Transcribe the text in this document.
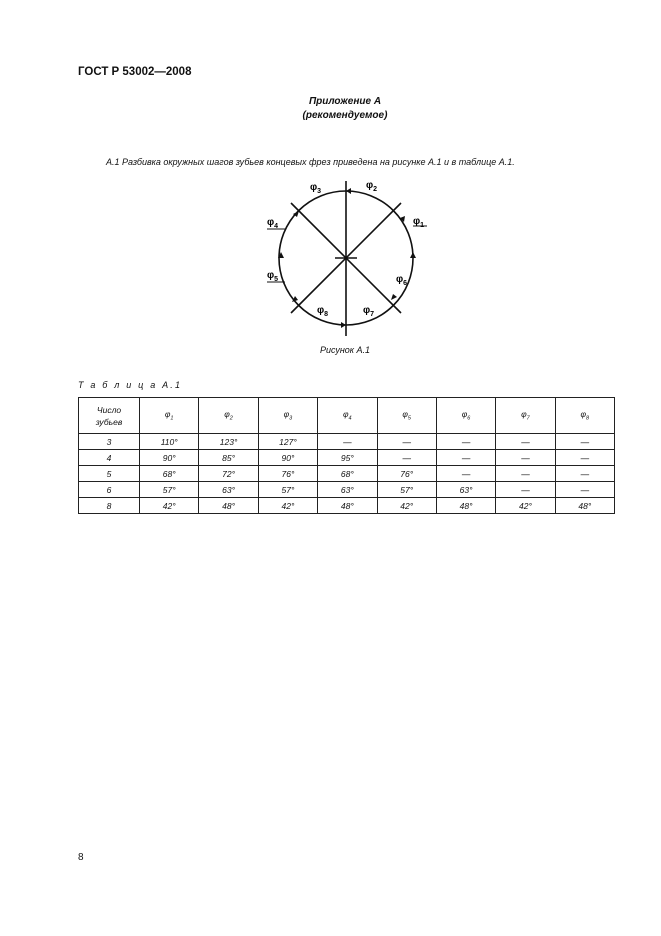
ГОСТ Р 53002—2008
Приложение А
(рекомендуемое)
А.1 Разбивка окружных шагов зубьев концевых фрез приведена на рисунке А.1 и в таблице А.1.
$\varphi_3$
$\varphi_2$
$\varphi_1$
$\varphi_4$
$\varphi_5$	$\varphi_6$
$\varphi_7$
$\varphi_8$
Рисунок А.1
Т а б л и ц а А.1
Число
зубьев	$\varphi_1$	$\varphi_2$	$\varphi_3$	$\varphi_4$	$\varphi_5$	$\varphi_6$	$\varphi_7$	$\varphi_8$
3	110°	123°	127°	—	—	—	—	—
4	90°	85°	90°	95°	—	—	—	—
5	68°	72°	76°	68°	76°	—	—	—
6	57°	63°	57°	63°	57°	63°	—	—
8	42°	48°	42°	48°	42°	48°	42°	48°
8
